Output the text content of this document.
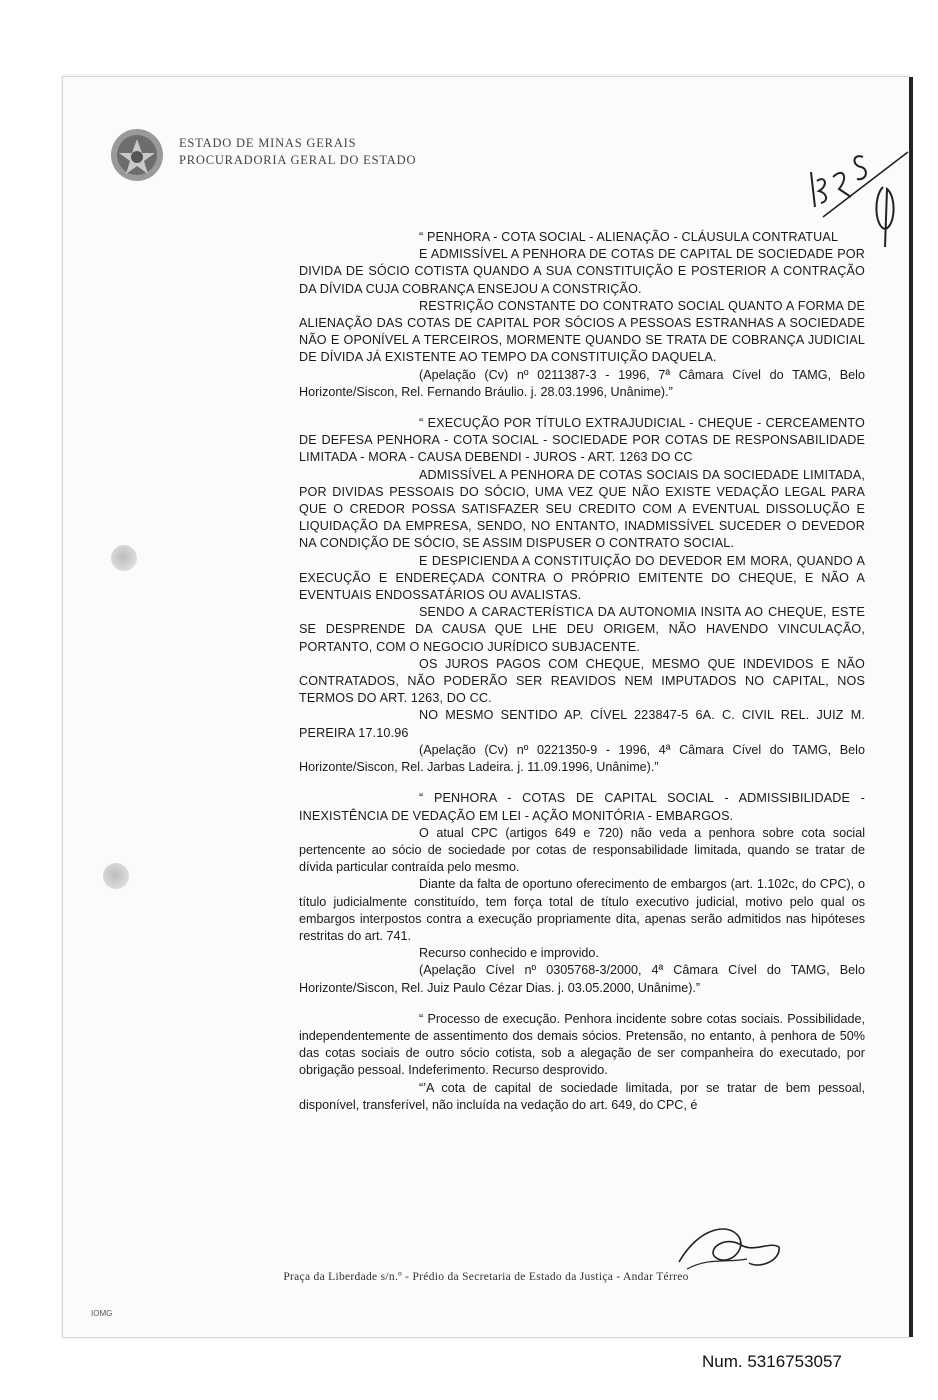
ESTADO DE MINAS GERAIS
PROCURADORIA GERAL DO ESTADO

“ PENHORA - COTA SOCIAL - ALIENAÇÃO - CLÁUSULA CONTRATUAL

E ADMISSÍVEL A PENHORA DE COTAS DE CAPITAL DE SOCIEDADE POR DIVIDA DE SÓCIO COTISTA QUANDO A SUA CONSTITUIÇÃO E POSTERIOR A CONTRAÇÃO DA DÍVIDA CUJA COBRANÇA ENSEJOU A CONSTRIÇÃO.

RESTRIÇÃO CONSTANTE DO CONTRATO SOCIAL QUANTO A FORMA DE ALIENAÇÃO DAS COTAS DE CAPITAL POR SÓCIOS A PESSOAS ESTRANHAS A SOCIEDADE NÃO E OPONÍVEL A TERCEIROS, MORMENTE QUANDO SE TRATA DE COBRANÇA JUDICIAL DE DÍVIDA JÁ EXISTENTE AO TEMPO DA CONSTITUIÇÃO DAQUELA.

(Apelação (Cv) nº 0211387-3 - 1996, 7ª Câmara Cível do TAMG, Belo Horizonte/Siscon, Rel. Fernando Bráulio. j. 28.03.1996, Unânime).”

“ EXECUÇÃO POR TÍTULO EXTRAJUDICIAL - CHEQUE - CERCEAMENTO DE DEFESA PENHORA - COTA SOCIAL - SOCIEDADE POR COTAS DE RESPONSABILIDADE LIMITADA - MORA - CAUSA DEBENDI - JUROS - ART. 1263 DO CC

ADMISSÍVEL A PENHORA DE COTAS SOCIAIS DA SOCIEDADE LIMITADA, POR DIVIDAS PESSOAIS DO SÓCIO, UMA VEZ QUE NÃO EXISTE VEDAÇÃO LEGAL PARA QUE O CREDOR POSSA SATISFAZER SEU CREDITO COM A EVENTUAL DISSOLUÇÃO E LIQUIDAÇÃO DA EMPRESA, SENDO, NO ENTANTO, INADMISSÍVEL SUCEDER O DEVEDOR NA CONDIÇÃO DE SÓCIO, SE ASSIM DISPUSER O CONTRATO SOCIAL.

E DESPICIENDA A CONSTITUIÇÃO DO DEVEDOR EM MORA, QUANDO A EXECUÇÃO E ENDEREÇADA CONTRA O PRÓPRIO EMITENTE DO CHEQUE, E NÃO A EVENTUAIS ENDOSSATÁRIOS OU AVALISTAS.

SENDO A CARACTERÍSTICA DA AUTONOMIA INSITA AO CHEQUE, ESTE SE DESPRENDE DA CAUSA QUE LHE DEU ORIGEM, NÃO HAVENDO VINCULAÇÃO, PORTANTO, COM O NEGOCIO JURÍDICO SUBJACENTE.

OS JUROS PAGOS COM CHEQUE, MESMO QUE INDEVIDOS E NÃO CONTRATADOS, NÃO PODERÃO SER REAVIDOS NEM IMPUTADOS NO CAPITAL, NOS TERMOS DO ART. 1263, DO CC.

NO MESMO SENTIDO AP. CÍVEL 223847-5 6A. C. CIVIL REL. JUIZ M. PEREIRA 17.10.96

(Apelação (Cv) nº 0221350-9 - 1996, 4ª Câmara Cível do TAMG, Belo Horizonte/Siscon, Rel. Jarbas Ladeira. j. 11.09.1996, Unânime).”

“ PENHORA - COTAS DE CAPITAL SOCIAL - ADMISSIBILIDADE - INEXISTÊNCIA DE VEDAÇÃO EM LEI - AÇÃO MONITÓRIA - EMBARGOS.

O atual CPC (artigos 649 e 720) não veda a penhora sobre cota social pertencente ao sócio de sociedade por cotas de responsabilidade limitada, quando se tratar de dívida particular contraída pelo mesmo.

Diante da falta de oportuno oferecimento de embargos (art. 1.102c, do CPC), o título judicialmente constituído, tem força total de título executivo judicial, motivo pelo qual os embargos interpostos contra a execução propriamente dita, apenas serão admitidos nas hipóteses restritas do art. 741.

Recurso conhecido e improvido.

(Apelação Cível nº 0305768-3/2000, 4ª Câmara Cível do TAMG, Belo Horizonte/Siscon, Rel. Juiz Paulo Cézar Dias. j. 03.05.2000, Unânime).”

“ Processo de execução. Penhora incidente sobre cotas sociais. Possibilidade, independentemente de assentimento dos demais sócios. Pretensão, no entanto, à penhora de 50% das cotas sociais de outro sócio cotista, sob a alegação de ser companheira do executado, por obrigação pessoal. Indeferimento. Recurso desprovido.

“’A cota de capital de sociedade limitada, por se tratar de bem pessoal, disponível, transferível, não incluída na vedação do art. 649, do CPC, é

Praça da Liberdade s/n.º - Prédio da Secretaria de Estado da Justiça - Andar Térreo
IOMG
Num. 5316753057
